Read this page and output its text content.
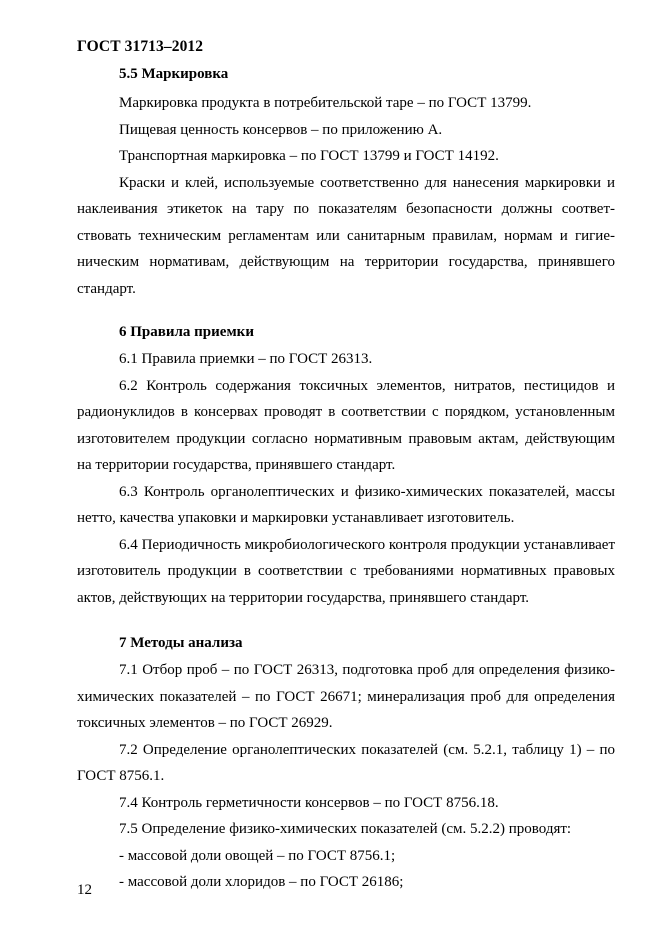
ГОСТ 31713–2012
5.5 Маркировка

Маркировка продукта в потребительской таре – по ГОСТ 13799.

Пищевая ценность консервов – по приложению А.

Транспортная маркировка – по ГОСТ 13799 и ГОСТ 14192.

Краски и клей, используемые соответственно для нанесения маркировки и наклеивания этикеток на тару по показателям безопасности должны соответствовать техническим регламентам или санитарным правилам, нормам и гигиеническим нормативам, действующим на территории государства, принявшего стандарт.

6 Правила приемки

6.1 Правила приемки – по ГОСТ 26313.

6.2 Контроль содержания токсичных элементов, нитратов, пестицидов и радионуклидов в консервах проводят в соответствии с порядком, установленным изготовителем продукции согласно нормативным правовым актам, действующим на территории государства, принявшего стандарт.

6.3 Контроль органолептических и физико-химических показателей, массы нетто, качества упаковки и маркировки устанавливает изготовитель.

6.4 Периодичность микробиологического контроля продукции устанавливает изготовитель продукции в соответствии с требованиями нормативных правовых актов, действующих на территории государства, принявшего стандарт.

7 Методы анализа

7.1 Отбор проб – по ГОСТ 26313, подготовка проб для определения физико-химических показателей – по ГОСТ 26671; минерализация проб для определения токсичных элементов – по ГОСТ 26929.

7.2 Определение органолептических показателей (см. 5.2.1, таблицу 1) – по ГОСТ 8756.1.

7.4 Контроль герметичности консервов – по ГОСТ 8756.18.

7.5 Определение физико-химических показателей (см. 5.2.2) проводят:

- массовой доли овощей – по ГОСТ 8756.1;

- массовой доли хлоридов – по ГОСТ 26186;

12
